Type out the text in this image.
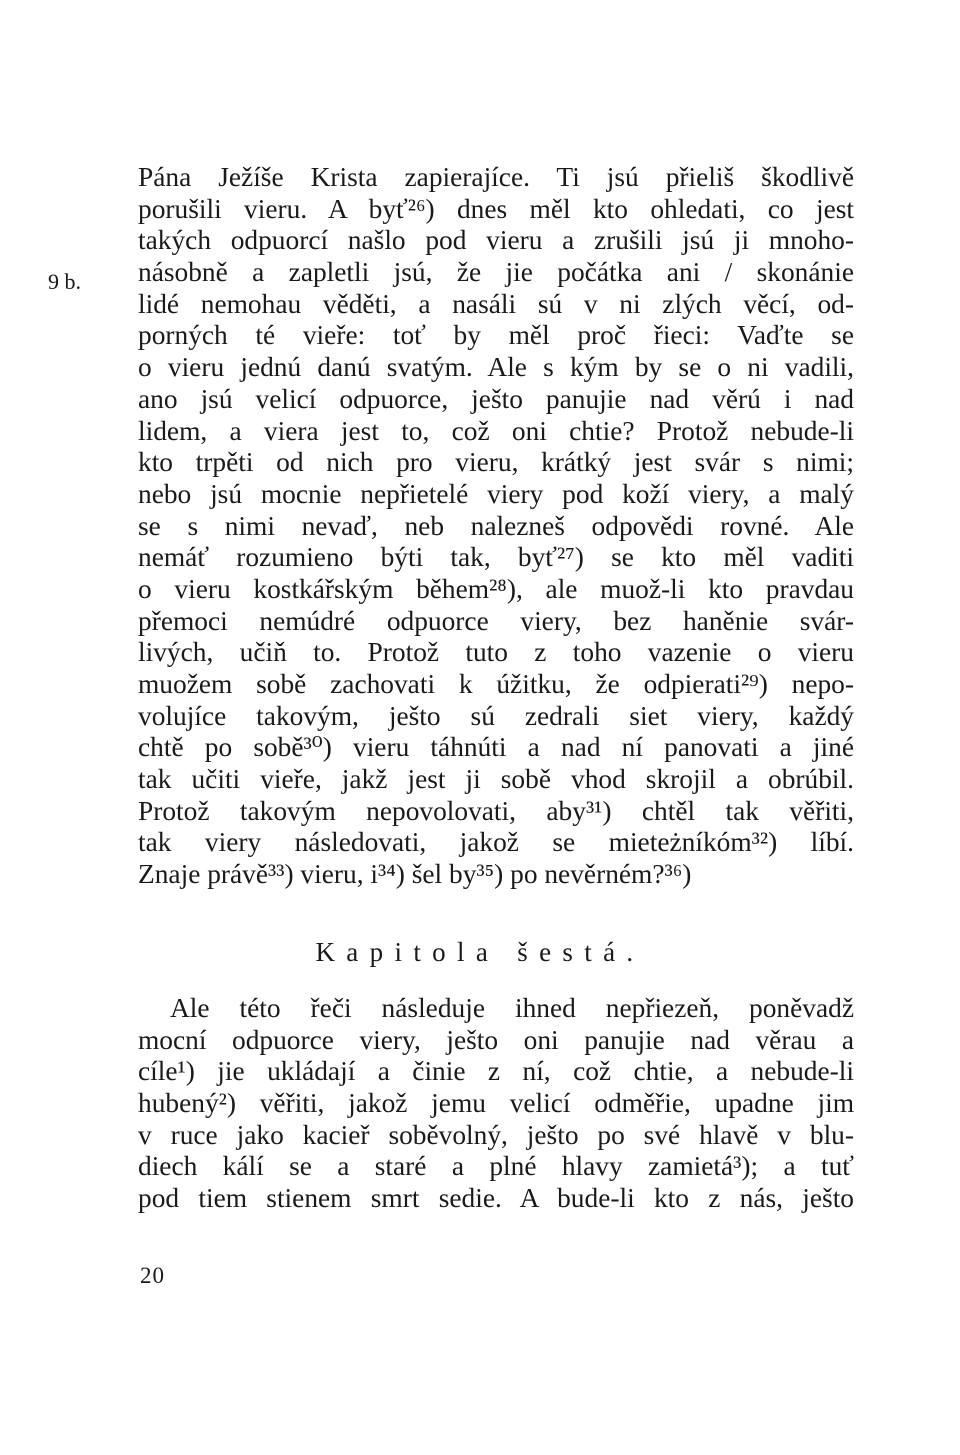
9 b.
Pána Ježíše Krista zapierajíce. Ti jsú přieliš škodlivě
porušili vieru. A byť²⁶) dnes měl kto ohledati, co jest
takých odpuorcí našlo pod vieru a zrušili jsú ji mnoho-
násobně a zapletli jsú, že jie počátka ani / skonánie
lidé nemohau věděti, a nasáli sú v ni zlých věcí, od-
porných té vieře: toť by měl proč řieci: Vaďte se
o vieru jednú danú svatým. Ale s kým by se o ni vadili,
ano jsú velicí odpuorce, ješto panujie nad věrú i nad
lidem, a viera jest to, což oni chtie? Protož nebude-li
kto trpěti od nich pro vieru, krátký jest svár s nimi;
nebo jsú mocnie nepřietelé viery pod koží viery, a malý
se s nimi nevaď, neb nalezneš odpovědi rovné. Ale
nemáť rozumieno býti tak, byť²⁷) se kto měl vaditi
o vieru kostkářským během²⁸), ale muož-li kto pravdau
přemoci nemúdré odpuorce viery, bez haněnie svár-
livých, učiň to. Protož tuto z toho vazenie o vieru
muožem sobě zachovati k úžitku, že odpierati²⁹) nepo-
volujíce takovým, ješto sú zedrali siet viery, každý
chtě po sobě³⁰) vieru táhnúti a nad ní panovati a jiné
tak učiti vieře, jakž jest ji sobě vhod skrojil a obrúbil.
Protož takovým nepovolovati, aby³¹) chtěl tak věřiti,
tak viery následovati, jakož se mieteżníkóm³²) líbí.
Znaje právě³³) vieru, i³⁴) šel by³⁵) po nevěrném?³⁶)
Kapitola šestá.
Ale této řeči následuje ihned nepřiezeň, poněvadž
mocní odpuorce viery, ješto oni panujie nad věrau a
cíle¹) jie ukládají a činie z ní, což chtie, a nebude-li
hubený²) věřiti, jakož jemu velicí odměřie, upadne jim
v ruce jako kacieř soběvolný, ješto po své hlavě v blu-
diech kálí se a staré a plné hlavy zamietá³); a tuť
pod tiem stienem smrt sedie. A bude-li kto z nás, ješto
20
